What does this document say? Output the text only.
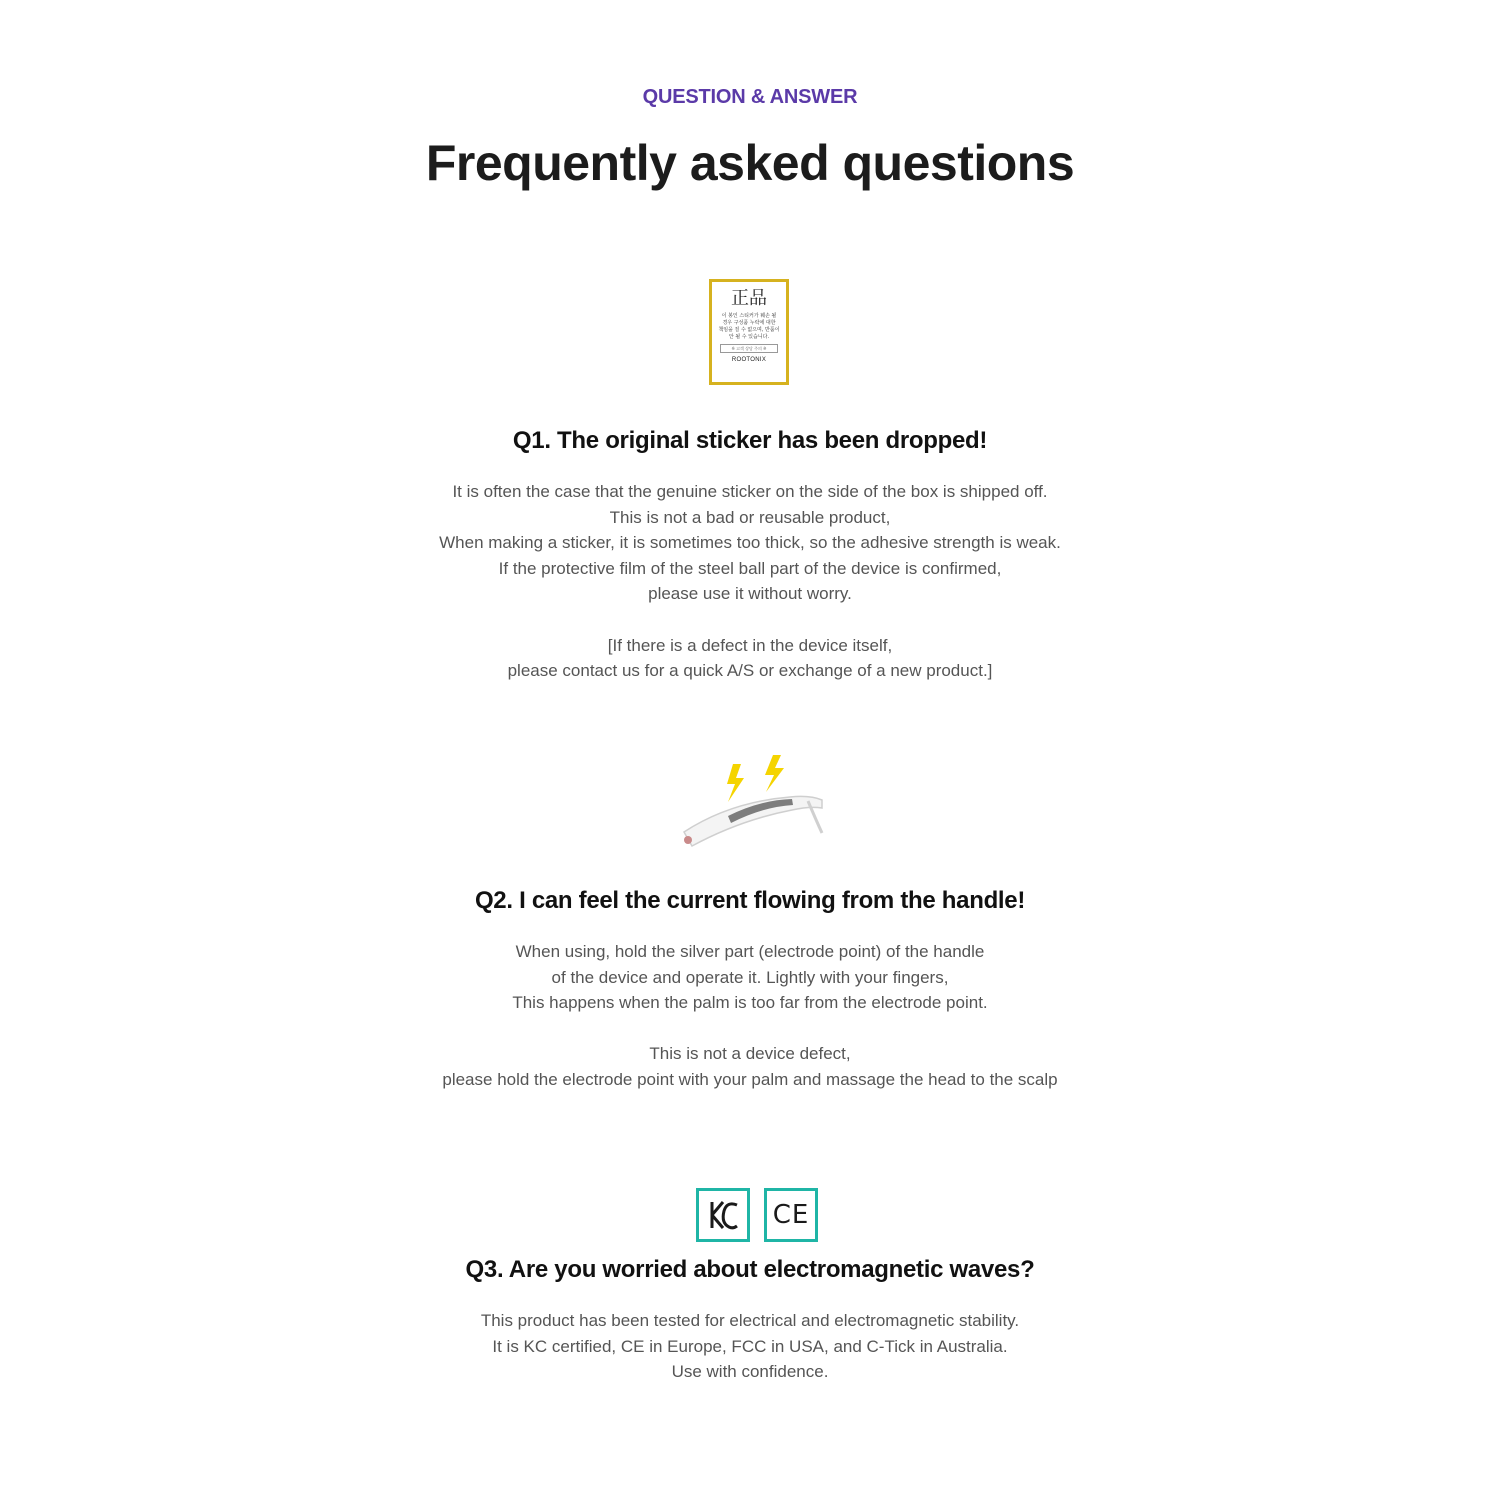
QUESTION & ANSWER
Frequently asked questions
正品
이 봉인 스티커가 훼손 될
경우 구성품 누락에 대한
책임을 질 수 없으며, 반품이
안 될 수 있습니다.
※ 고객 상담 주의 ※
ROOTONIX
Q1. The original sticker has been dropped!
It is often the case that the genuine sticker on the side of the box is shipped off.
This is not a bad or reusable product,
When making a sticker, it is sometimes too thick, so the adhesive strength is weak.
If the protective film of the steel ball part of the device is confirmed,
please use it without worry.
[If there is a defect in the device itself,
please contact us for a quick A/S or exchange of a new product.]
Q2. I can feel the current flowing from the handle!
When using, hold the silver part (electrode point) of the handle
of the device and operate it. Lightly with your fingers,
This happens when the palm is too far from the electrode point.
This is not a device defect,
please hold the electrode point with your palm and massage the head to the scalp
CE
Q3. Are you worried about electromagnetic waves?
This product has been tested for electrical and electromagnetic stability.
It is KC certified, CE in Europe, FCC in USA, and C-Tick in Australia.
Use with confidence.
